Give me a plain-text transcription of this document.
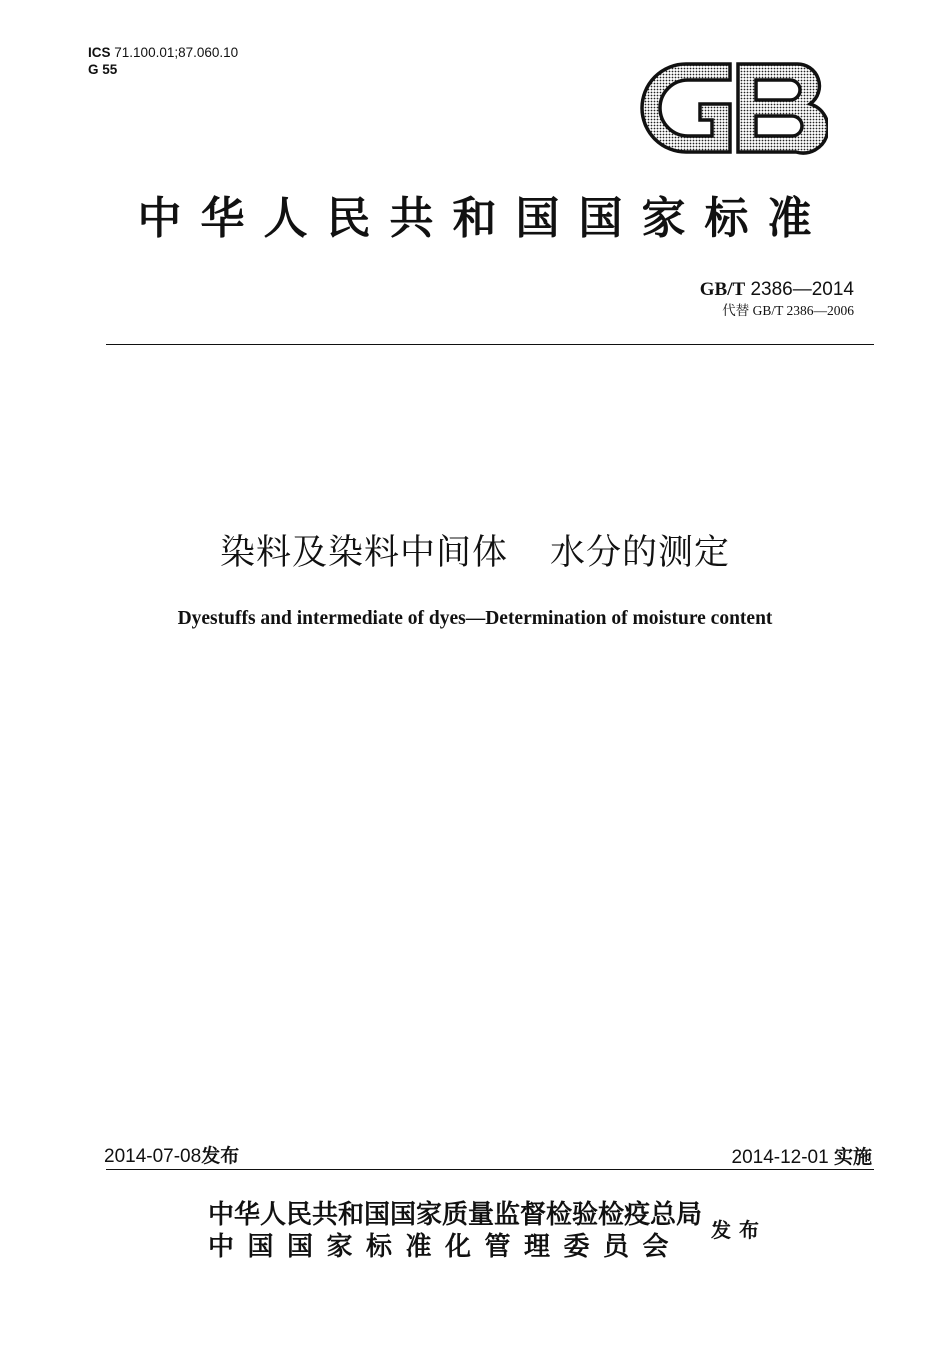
ICS 71.100.01;87.060.10
G 55
GB
中华人民共和国国家标准
GB/T 2386—2014
代替 GB/T 2386—2006
染料及染料中间体 水分的测定
Dyestuffs and intermediate of dyes—Determination of moisture content
2014-07-08发布	2014-12-01 实施
中华人民共和国国家质量监督检验检疫总局
中国国家标准化管理委员会
发布
